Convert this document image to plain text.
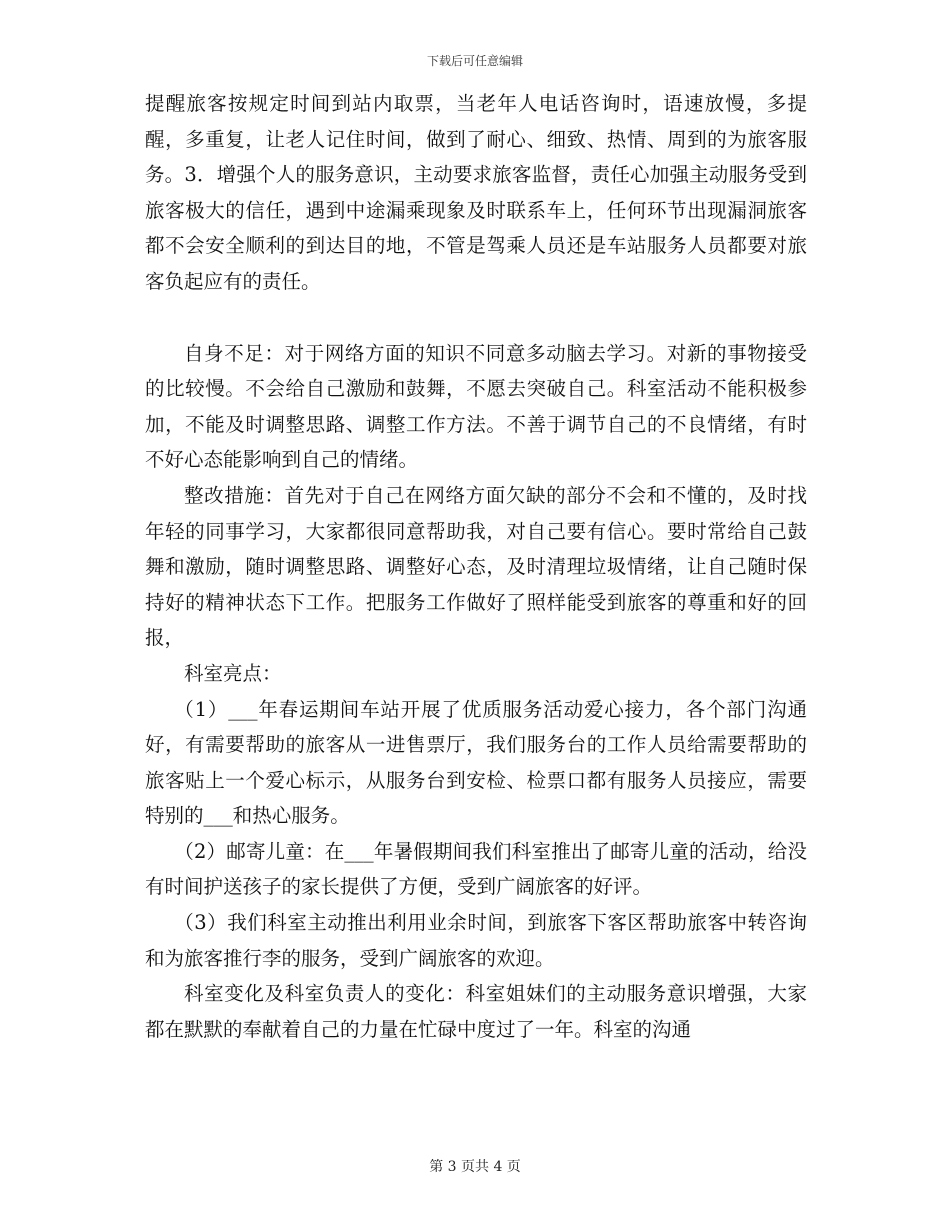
下载后可任意编辑

提醒旅客按规定时间到站内取票，当老年人电话咨询时，语速放慢，多提醒，多重复，让老人记住时间，做到了耐心、细致、热情、周到的为旅客服务。3．增强个人的服务意识，主动要求旅客监督，责任心加强主动服务受到旅客极大的信任，遇到中途漏乘现象及时联系车上，任何环节出现漏洞旅客都不会安全顺利的到达目的地，不管是驾乘人员还是车站服务人员都要对旅客负起应有的责任。

自身不足：对于网络方面的知识不同意多动脑去学习。对新的事物接受的比较慢。不会给自己激励和鼓舞，不愿去突破自己。科室活动不能积极参加，不能及时调整思路、调整工作方法。不善于调节自己的不良情绪，有时不好心态能影响到自己的情绪。

整改措施：首先对于自己在网络方面欠缺的部分不会和不懂的，及时找年轻的同事学习，大家都很同意帮助我，对自己要有信心。要时常给自己鼓舞和激励，随时调整思路、调整好心态，及时清理垃圾情绪，让自己随时保持好的精神状态下工作。把服务工作做好了照样能受到旅客的尊重和好的回报，

科室亮点：

（1）___年春运期间车站开展了优质服务活动爱心接力，各个部门沟通好，有需要帮助的旅客从一进售票厅，我们服务台的工作人员给需要帮助的旅客贴上一个爱心标示，从服务台到安检、检票口都有服务人员接应，需要特别的___和热心服务。

（2）邮寄儿童：在___年暑假期间我们科室推出了邮寄儿童的活动，给没有时间护送孩子的家长提供了方便，受到广阔旅客的好评。

（3）我们科室主动推出利用业余时间，到旅客下客区帮助旅客中转咨询和为旅客推行李的服务，受到广阔旅客的欢迎。

科室变化及科室负责人的变化：科室姐妹们的主动服务意识增强，大家都在默默的奉献着自己的力量在忙碌中度过了一年。科室的沟通

第 3 页共 4 页
